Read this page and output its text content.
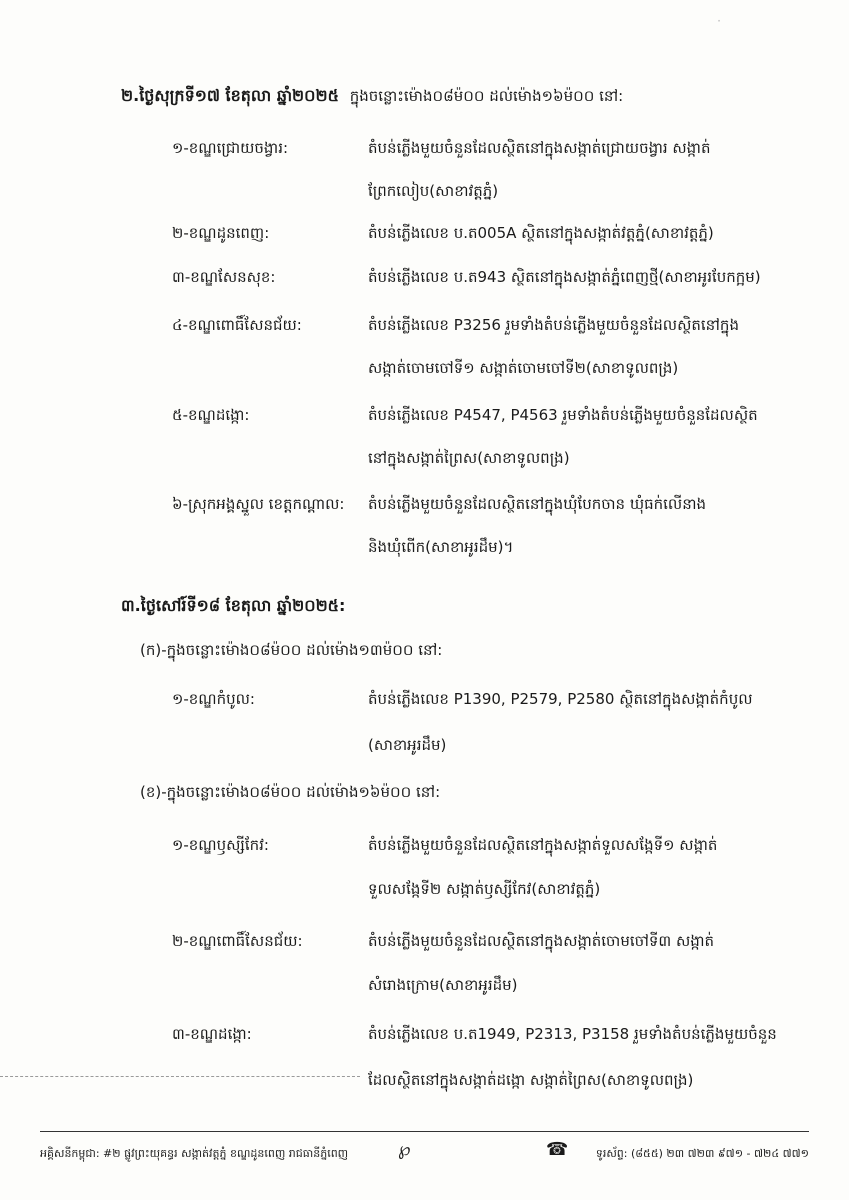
·
២.ថ្ងៃសុក្រទី១៧ ខែតុលា ឆ្នាំ២០២៥ ក្នុងចន្លោះម៉ោង០៨ម៉០០ ដល់ម៉ោង១៦ម៉០០ នៅ:
១-ខណ្ឌជ្រោយចង្វារ:	តំបន់ភ្លើងមួយចំនួនដែលស្ថិតនៅក្នុងសង្កាត់ជ្រោយចង្វារ សង្កាត់
ព្រែកលៀប(សាខាវត្តភ្នំ)
២-ខណ្ឌដូនពេញ:	តំបន់ភ្លើងលេខ ប.ត005A ស្ថិតនៅក្នុងសង្កាត់វត្តភ្នំ(សាខាវត្តភ្នំ)
៣-ខណ្ឌសែនសុខ:	តំបន់ភ្លើងលេខ ប.ត943 ស្ថិតនៅក្នុងសង្កាត់ភ្នំពេញថ្មី(សាខាអូរបែកក្អម)
៤-ខណ្ឌពោធិ៍សែនជ័យ:	តំបន់ភ្លើងលេខ P3256 រួមទាំងតំបន់ភ្លើងមួយចំនួនដែលស្ថិតនៅក្នុង
សង្កាត់ចោមចៅទី១ សង្កាត់ចោមចៅទី២(សាខាទូលពង្រ)
៥-ខណ្ឌដង្កោ:	តំបន់ភ្លើងលេខ P4547, P4563 រួមទាំងតំបន់ភ្លើងមួយចំនួនដែលស្ថិត
នៅក្នុងសង្កាត់ព្រៃស(សាខាទូលពង្រ)
៦-ស្រុកអង្គស្នួល ខេត្តកណ្ដាល: តំបន់ភ្លើងមួយចំនួនដែលស្ថិតនៅក្នុងឃុំបែកចាន ឃុំធក់លើនាង
និងឃុំពើក(សាខាអូរដឹម)។
៣.ថ្ងៃសៅរ៍ទី១៨ ខែតុលា ឆ្នាំ២០២៥:
(ក)-ក្នុងចន្លោះម៉ោង០៨ម៉០០ ដល់ម៉ោង១៣ម៉០០ នៅ:
១-ខណ្ឌកំបូល:	តំបន់ភ្លើងលេខ P1390, P2579, P2580 ស្ថិតនៅក្នុងសង្កាត់កំបូល
(សាខាអូរដឹម)
(ខ)-ក្នុងចន្លោះម៉ោង០៨ម៉០០ ដល់ម៉ោង១៦ម៉០០ នៅ:
១-ខណ្ឌឫស្សីកែវ:	តំបន់ភ្លើងមួយចំនួនដែលស្ថិតនៅក្នុងសង្កាត់ទួលសង្កែទី១ សង្កាត់
ទួលសង្កែទី២ សង្កាត់ឫស្សីកែវ(សាខាវត្តភ្នំ)
២-ខណ្ឌពោធិ៍សែនជ័យ:	តំបន់ភ្លើងមួយចំនួនដែលស្ថិតនៅក្នុងសង្កាត់ចោមចៅទី៣ សង្កាត់
សំរោងក្រោម(សាខាអូរដឹម)
៣-ខណ្ឌដង្កោ:	តំបន់ភ្លើងលេខ ប.ត1949, P2313, P3158 រួមទាំងតំបន់ភ្លើងមួយចំនួន
ដែលស្ថិតនៅក្នុងសង្កាត់ដង្កោ សង្កាត់ព្រៃស(សាខាទូលពង្រ)
អគ្គិសនីកម្ពុជា: #២ ផ្លូវព្រះយុគន្ធរ សង្កាត់វត្តភ្នំ ខណ្ឌដូនពេញ រាជធានីភ្នំពេញ	℘	☎ ទូរស័ព្ទ: (៨៥៥) ២៣ ៧២៣ ៩៧១ - ៧២៤ ៧៧១
